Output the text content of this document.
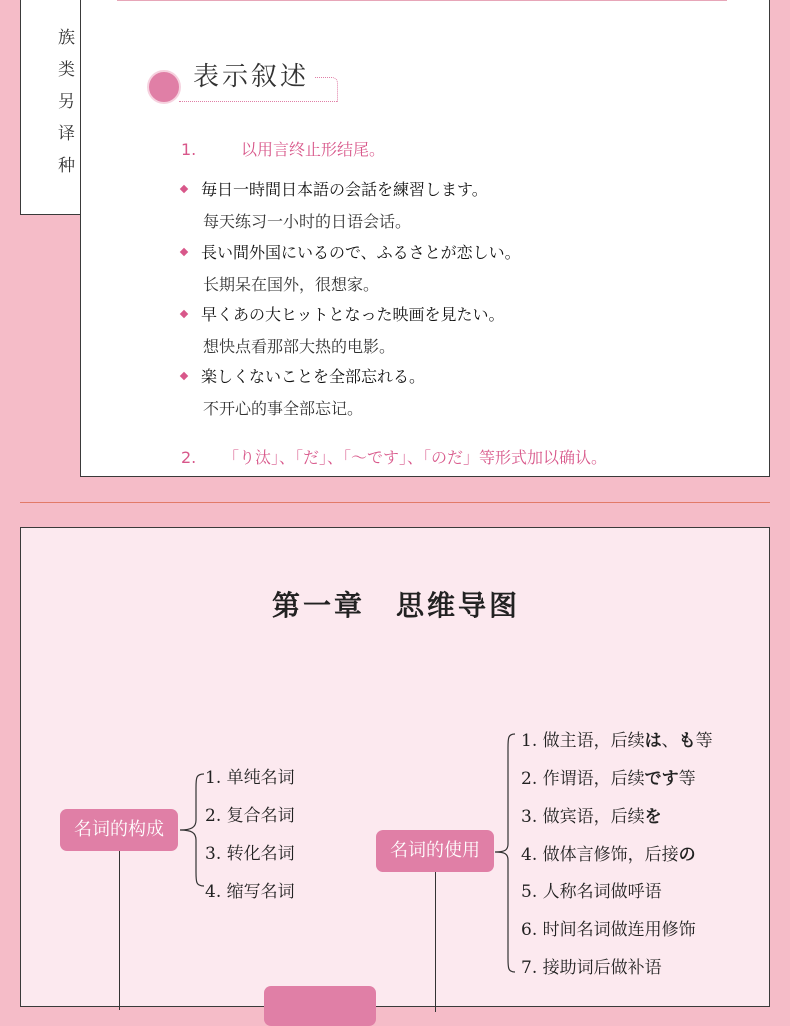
族
类
另
译
种
表示叙述
1.	以用言终止形结尾。
毎日一時間日本語の会話を練習します。
每天练习一小时的日语会话。
長い間外国にいるので、ふるさとが恋しい。
长期呆在国外，很想家。
早くあの大ヒットとなった映画を見たい。
想快点看那部大热的电影。
楽しくないことを全部忘れる。
不开心的事全部忘记。
2. 「り汰」、「だ」、「～です」、「のだ」等形式加以确认。
第一章　思维导图
名词的构成
1. 单纯名词
2. 复合名词
3. 转化名词
4. 缩写名词
名词的使用
1. 做主语，后续は、も等
2. 作谓语，后续です等
3. 做宾语，后续を
4. 做体言修饰，后接の
5. 人称名词做呼语
6. 时间名词做连用修饰
7. 接助词后做补语
